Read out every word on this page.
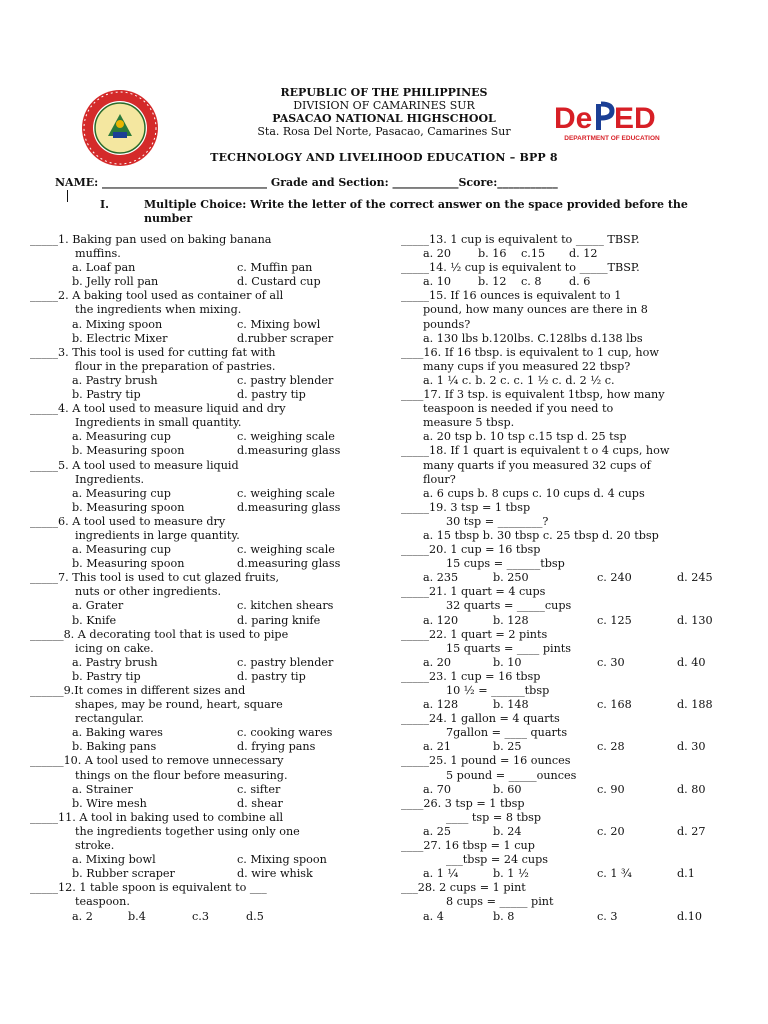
REPUBLIC OF THE PHILIPPINES
DIVISION OF CAMARINES SUR
PASACAO NATIONAL HIGHSCHOOL
Sta. Rosa Del Norte, Pasacao, Camarines Sur	De ED
DEPARTMENT OF EDUCATION
TECHNOLOGY AND LIVELIHOOD EDUCATION – BPP 8
NAME: ______________________________ Grade and Section: ____________Score:___________
I.	Multiple Choice: Write the letter of the correct answer on the space provided before the number
_____1. Baking pan used on baking banana
muffins.
a. Loaf pan	c. Muffin pan
b. Jelly roll pan	d. Custard cup
_____2. A baking tool used as container of all
the ingredients when mixing.
a. Mixing spoon	c. Mixing bowl
b. Electric Mixer	d.rubber scraper
_____3. This tool is used for cutting fat with
flour in the preparation of pastries.
a. Pastry brush	c. pastry blender
b. Pastry tip	d. pastry tip
_____4. A tool used to measure liquid and dry
Ingredients in small quantity.
a. Measuring cup	c. weighing scale
b. Measuring spoon	d.measuring glass
_____5. A tool used to measure liquid
Ingredients.
a. Measuring cup	c. weighing scale
b. Measuring spoon	d.measuring glass
_____6. A tool used to measure dry
ingredients in large quantity.
a. Measuring cup	c. weighing scale
b. Measuring spoon	d.measuring glass
_____7. This tool is used to cut glazed fruits,
nuts or other ingredients.
a. Grater	c. kitchen shears
b. Knife	d. paring knife
______8. A decorating tool that is used to pipe
icing on cake.
a. Pastry brush	c. pastry blender
b. Pastry tip	d. pastry tip
______9.It comes in different sizes and
shapes, may be round, heart, square
rectangular.
a. Baking wares	c. cooking wares
b. Baking pans	d. frying pans
______10. A tool used to remove unnecessary
things on the flour before measuring.
a. Strainer	c. sifter
b. Wire mesh	d. shear
_____11. A tool in baking used to combine all
the ingredients together using only one
stroke.
a. Mixing bowl	c. Mixing spoon
b. Rubber scraper	d. wire whisk
_____12. 1 table spoon is equivalent to ___
teaspoon.
a. 2	b.4	c.3	d.5
_____13. 1 cup is equivalent to _____ TBSP.
a. 20 b. 16 c.15 d. 12
_____14. ½ cup is equivalent to _____TBSP.
a. 10 b. 12 c. 8 d. 6
_____15. If 16 ounces is equivalent to 1
pound, how many ounces are there in 8
pounds?
a. 130 lbs b.120lbs. C.128lbs d.138 lbs
____16. If 16 tbsp. is equivalent to 1 cup, how
many cups if you measured 22 tbsp?
a. 1 ¼ c. b. 2 c. c. 1 ½ c. d. 2 ½ c.
____17. If 3 tsp. is equivalent 1tbsp, how many
teaspoon is needed if you need to
measure 5 tbsp.
a. 20 tsp b. 10 tsp c.15 tsp d. 25 tsp
_____18. If 1 quart is equivalent t o 4 cups, how
many quarts if you measured 32 cups of
flour?
a. 6 cups b. 8 cups c. 10 cups d. 4 cups
_____19. 3 tsp = 1 tbsp
30 tsp = ________?
a. 15 tbsp b. 30 tbsp c. 25 tbsp d. 20 tbsp
_____20. 1 cup = 16 tbsp
15 cups = ______tbsp
a. 235	b. 250	c. 240	d. 245
_____21. 1 quart = 4 cups
32 quarts = _____cups
a. 120	b. 128	c. 125	d. 130
_____22. 1 quart = 2 pints
15 quarts = ____ pints
a. 20	b. 10	c. 30	d. 40
_____23. 1 cup = 16 tbsp
10 ½ = ______tbsp
a. 128	b. 148	c. 168	d. 188
_____24. 1 gallon = 4 quarts
7gallon = ____ quarts
a. 21	b. 25	c. 28	d. 30
_____25. 1 pound = 16 ounces
5 pound = _____ounces
a. 70	b. 60	c. 90	d. 80
____26. 3 tsp = 1 tbsp
____ tsp = 8 tbsp
a. 25	b. 24	c. 20	d. 27
____27. 16 tbsp = 1 cup
___tbsp = 24 cups
a. 1 ¼	b. 1 ½	c. 1 ¾	d.1
___28. 2 cups = 1 pint
8 cups = _____ pint
a. 4	b. 8	c. 3	d.10
